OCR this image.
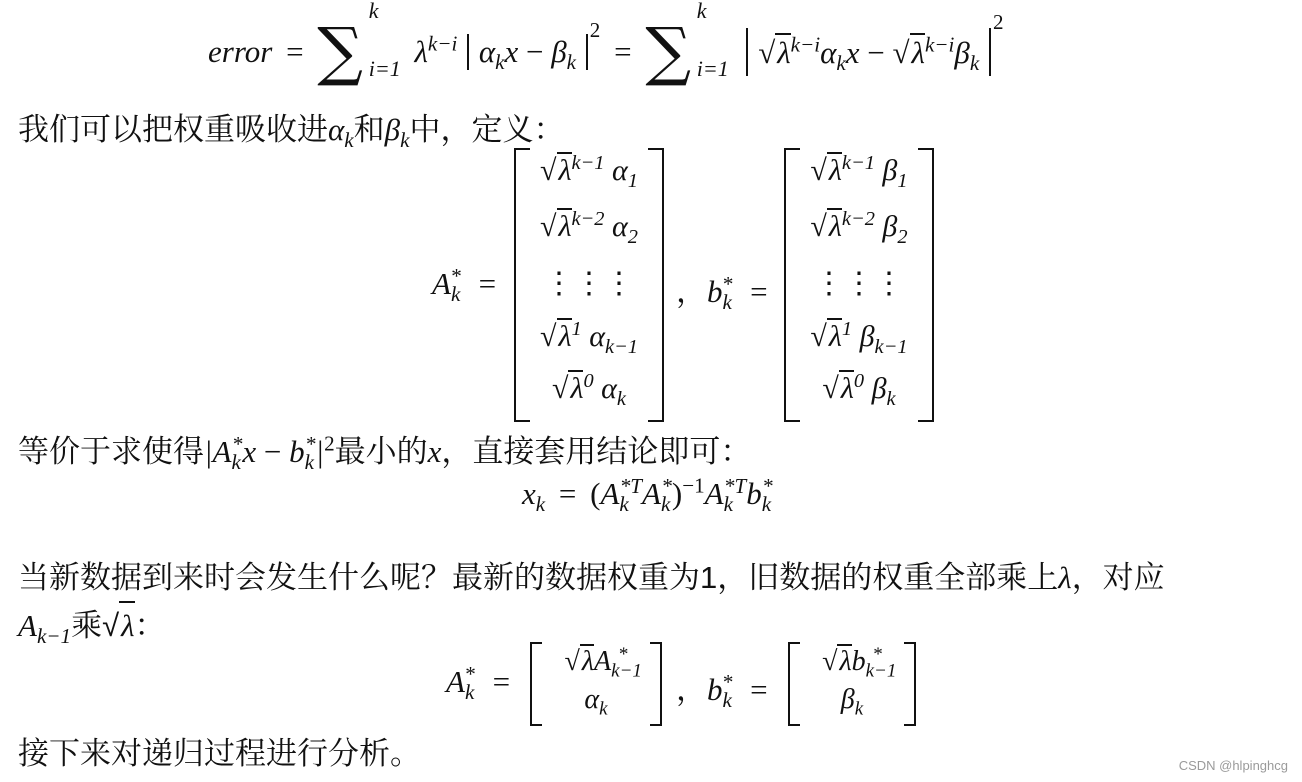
error = ∑ k
i=1 $\lambda^{k-i}$ $\alpha_kx - \beta_k$ $^2$ = ∑ k
i=1 $√\lambda^{k-i}\alpha_kx - √\lambda^{k-i}\beta_k$ $^2$
我们可以把权重吸收进$\alpha_k$和$\beta_k$中，定义：
$A_k^*$ =
$√\lambda^{k-1}$ $\alpha_1$
$√\lambda^{k-2}$ $\alpha_2$
⋮⋮⋮
$√\lambda^1$ $\alpha_{k-1}$
$√\lambda^0$ $\alpha_k$
，$b_k^*$ =
$√\lambda^{k-1}$ $\beta_1$
$√\lambda^{k-2}$ $\beta_2$
⋮⋮⋮
$√\lambda^1$ $\beta_{k-1}$
$√\lambda^0$ $\beta_k$
等价于求使得$|A_k^*x - b_k^*|^2$最小的x，直接套用结论即可：
$x_k = (A_k^{*T}A_k^*)^{-1}A_k^{*T}b_k^*$
当新数据到来时会发生什么呢？最新的数据权重为1，旧数据的权重全部乘上λ，对应
$A_{k-1}$乘√λ：
$A_k^*$ =
$√\lambda A_{k-1}^*$
$\alpha_k$
，$b_k^*$ =
$√\lambda b_{k-1}^*$
$\beta_k$
接下来对递归过程进行分析。	CSDN @hlpinghcg
